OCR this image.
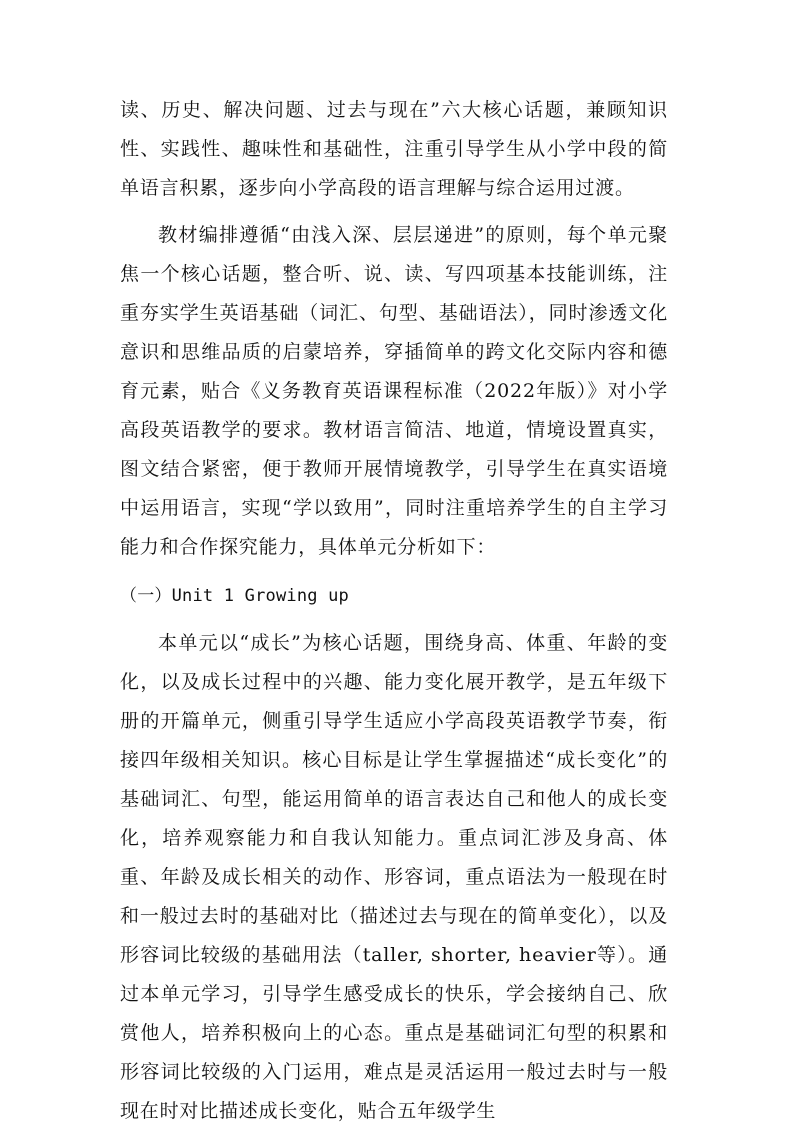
读、历史、解决问题、过去与现在”六大核心话题，兼顾知识性、实践性、趣味性和基础性，注重引导学生从小学中段的简单语言积累，逐步向小学高段的语言理解与综合运用过渡。

教材编排遵循“由浅入深、层层递进”的原则，每个单元聚焦一个核心话题，整合听、说、读、写四项基本技能训练，注重夯实学生英语基础（词汇、句型、基础语法），同时渗透文化意识和思维品质的启蒙培养，穿插简单的跨文化交际内容和德育元素，贴合《义务教育英语课程标准（2022年版）》对小学高段英语教学的要求。教材语言简洁、地道，情境设置真实，图文结合紧密，便于教师开展情境教学，引导学生在真实语境中运用语言，实现“学以致用”，同时注重培养学生的自主学习能力和合作探究能力，具体单元分析如下：

（一）Unit 1 Growing up

本单元以“成长”为核心话题，围绕身高、体重、年龄的变化，以及成长过程中的兴趣、能力变化展开教学，是五年级下册的开篇单元，侧重引导学生适应小学高段英语教学节奏，衔接四年级相关知识。核心目标是让学生掌握描述“成长变化”的基础词汇、句型，能运用简单的语言表达自己和他人的成长变化，培养观察能力和自我认知能力。重点词汇涉及身高、体重、年龄及成长相关的动作、形容词，重点语法为一般现在时和一般过去时的基础对比（描述过去与现在的简单变化），以及形容词比较级的基础用法（taller, shorter, heavier等）。通过本单元学习，引导学生感受成长的快乐，学会接纳自己、欣赏他人，培养积极向上的心态。重点是基础词汇句型的积累和形容词比较级的入门运用，难点是灵活运用一般过去时与一般现在时对比描述成长变化，贴合五年级学生
